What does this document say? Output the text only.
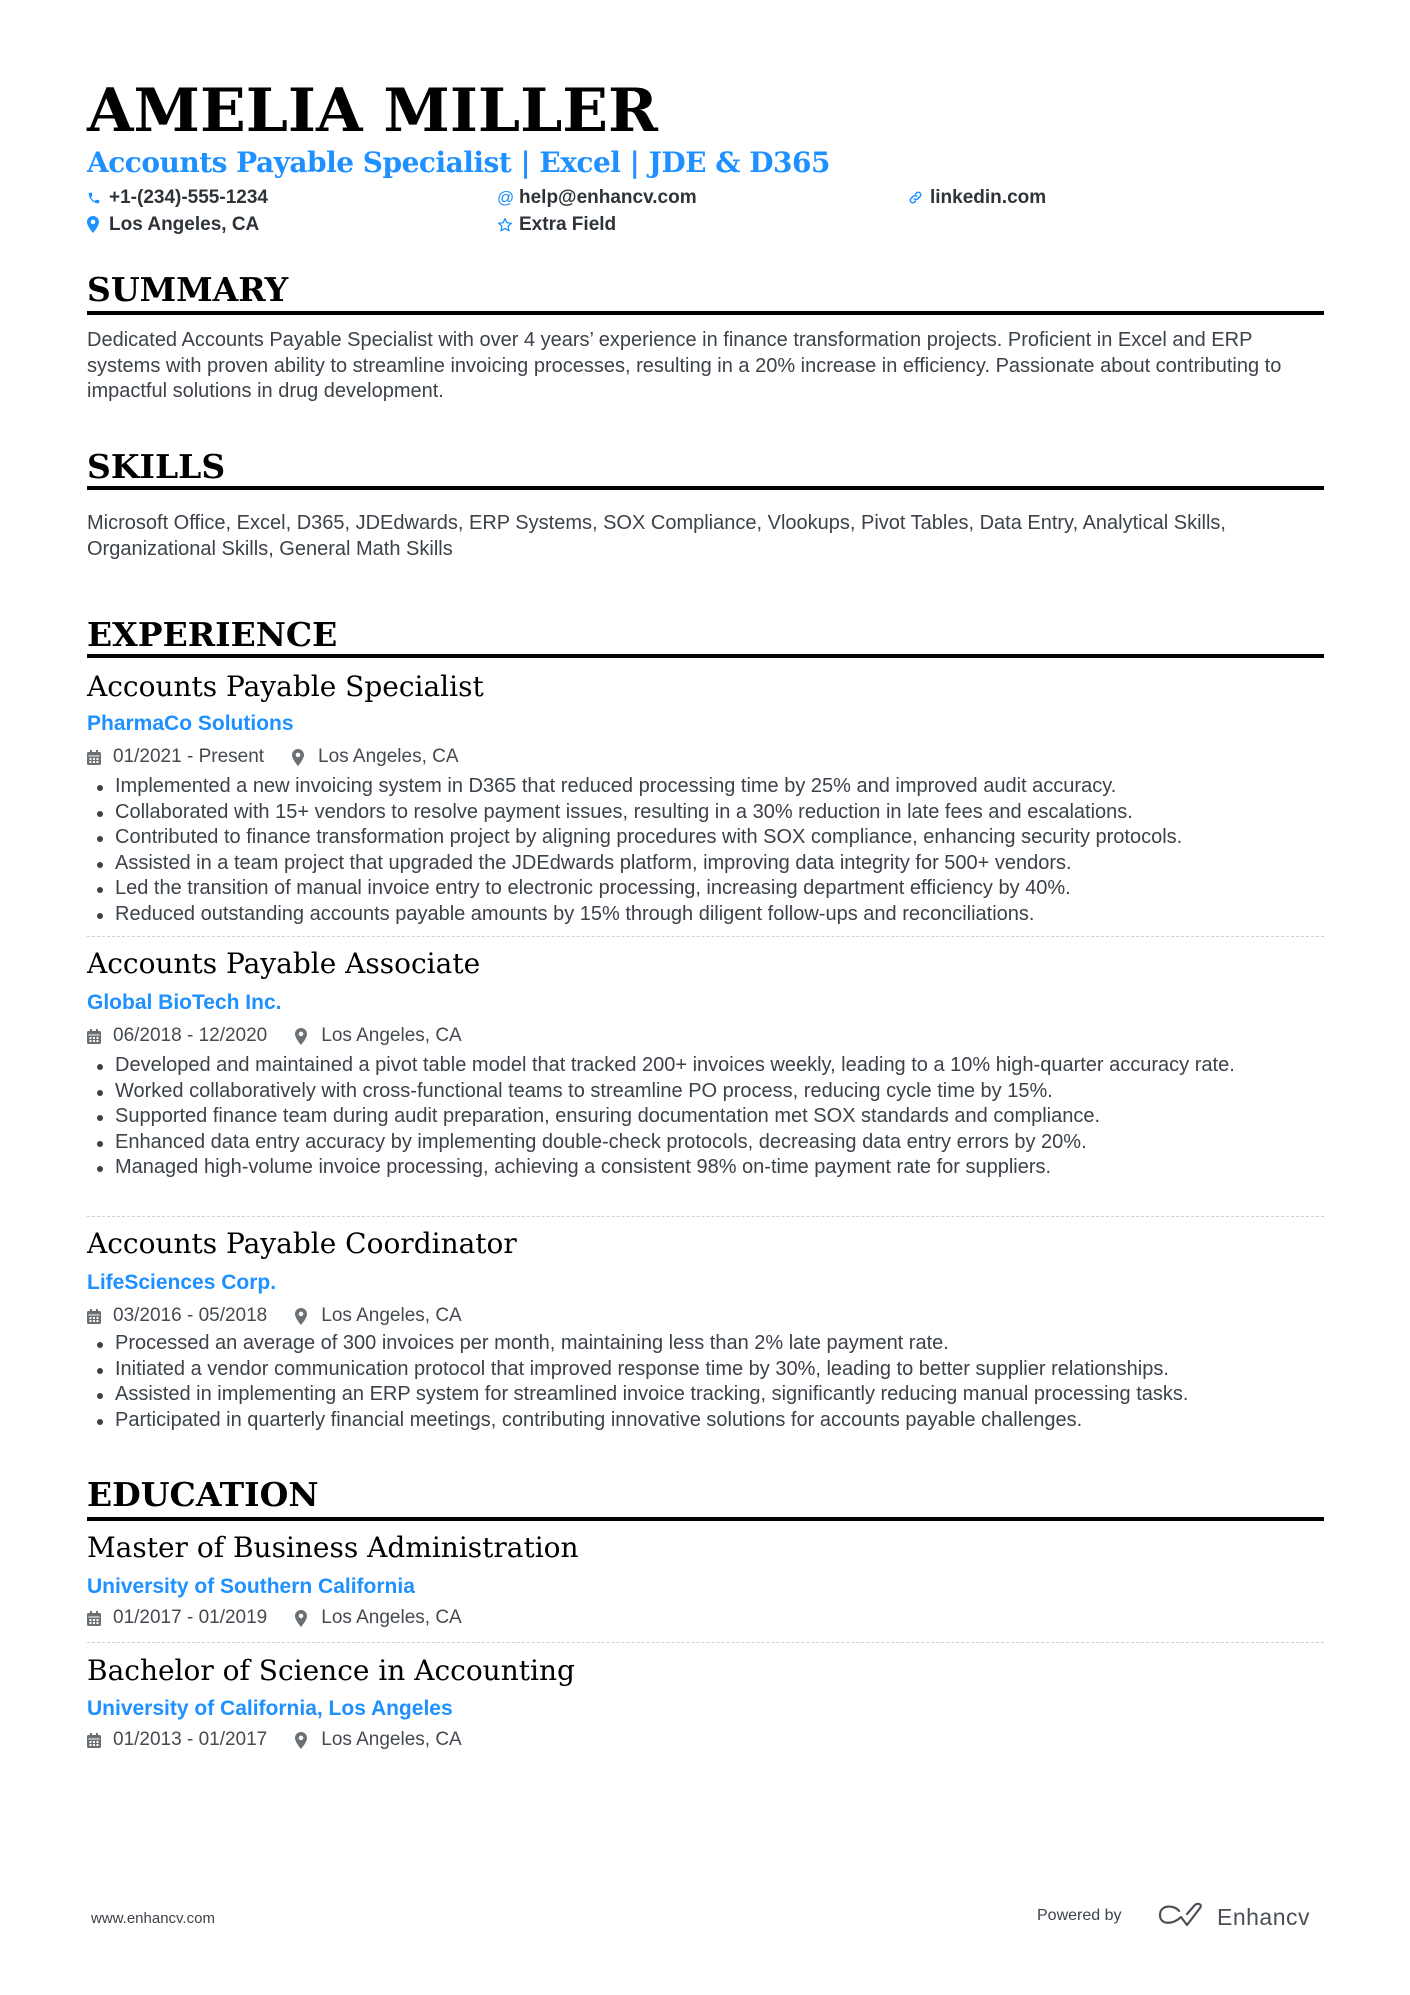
AMELIA MILLER
Accounts Payable Specialist | Excel | JDE & D365
+1-(234)-555-1234	@ help@enhancv.com	linkedin.com
Los Angeles, CA	Extra Field
SUMMARY
Dedicated Accounts Payable Specialist with over 4 years’ experience in finance transformation projects. Proficient in Excel and ERP systems with proven ability to streamline invoicing processes, resulting in a 20% increase in efficiency. Passionate about contributing to impactful solutions in drug development.
SKILLS
Microsoft Office, Excel, D365, JDEdwards, ERP Systems, SOX Compliance, Vlookups, Pivot Tables, Data Entry, Analytical Skills, Organizational Skills, General Math Skills
EXPERIENCE
Accounts Payable Specialist
PharmaCo Solutions
01/2021 - Present	Los Angeles, CA
Implemented a new invoicing system in D365 that reduced processing time by 25% and improved audit accuracy.
Collaborated with 15+ vendors to resolve payment issues, resulting in a 30% reduction in late fees and escalations.
Contributed to finance transformation project by aligning procedures with SOX compliance, enhancing security protocols.
Assisted in a team project that upgraded the JDEdwards platform, improving data integrity for 500+ vendors.
Led the transition of manual invoice entry to electronic processing, increasing department efficiency by 40%.
Reduced outstanding accounts payable amounts by 15% through diligent follow-ups and reconciliations.
Accounts Payable Associate
Global BioTech Inc.
06/2018 - 12/2020	Los Angeles, CA
Developed and maintained a pivot table model that tracked 200+ invoices weekly, leading to a 10% high-quarter accuracy rate.
Worked collaboratively with cross-functional teams to streamline PO process, reducing cycle time by 15%.
Supported finance team during audit preparation, ensuring documentation met SOX standards and compliance.
Enhanced data entry accuracy by implementing double-check protocols, decreasing data entry errors by 20%.
Managed high-volume invoice processing, achieving a consistent 98% on-time payment rate for suppliers.
Accounts Payable Coordinator
LifeSciences Corp.
03/2016 - 05/2018	Los Angeles, CA
Processed an average of 300 invoices per month, maintaining less than 2% late payment rate.
Initiated a vendor communication protocol that improved response time by 30%, leading to better supplier relationships.
Assisted in implementing an ERP system for streamlined invoice tracking, significantly reducing manual processing tasks.
Participated in quarterly financial meetings, contributing innovative solutions for accounts payable challenges.
EDUCATION
Master of Business Administration
University of Southern California
01/2017 - 01/2019	Los Angeles, CA
Bachelor of Science in Accounting
University of California, Los Angeles
01/2013 - 01/2017	Los Angeles, CA
www.enhancv.com	Powered by	Enhancv
